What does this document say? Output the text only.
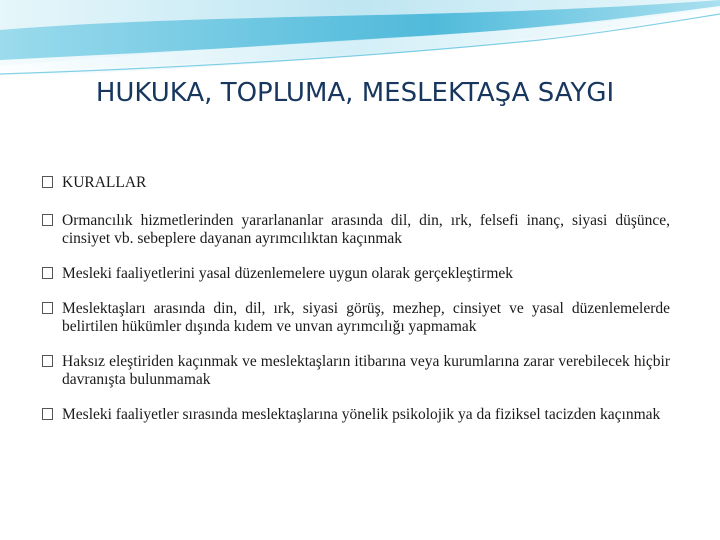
HUKUKA, TOPLUMA, MESLEKTAŞA SAYGI
KURALLAR
Ormancılık hizmetlerinden yararlananlar arasında dil, din, ırk, felsefi inanç, siyasi düşünce, cinsiyet vb. sebeplere dayanan ayrımcılıktan kaçınmak
Mesleki faaliyetlerini yasal düzenlemelere uygun olarak gerçekleştirmek
Meslektaşları arasında din, dil, ırk, siyasi görüş, mezhep, cinsiyet ve yasal düzenlemelerde belirtilen hükümler dışında kıdem ve unvan ayrımcılığı yapmamak
Haksız eleştiriden kaçınmak ve meslektaşların itibarına veya kurumlarına zarar verebilecek hiçbir davranışta bulunmamak
Mesleki faaliyetler sırasında meslektaşlarına yönelik psikolojik ya da fiziksel tacizden kaçınmak
